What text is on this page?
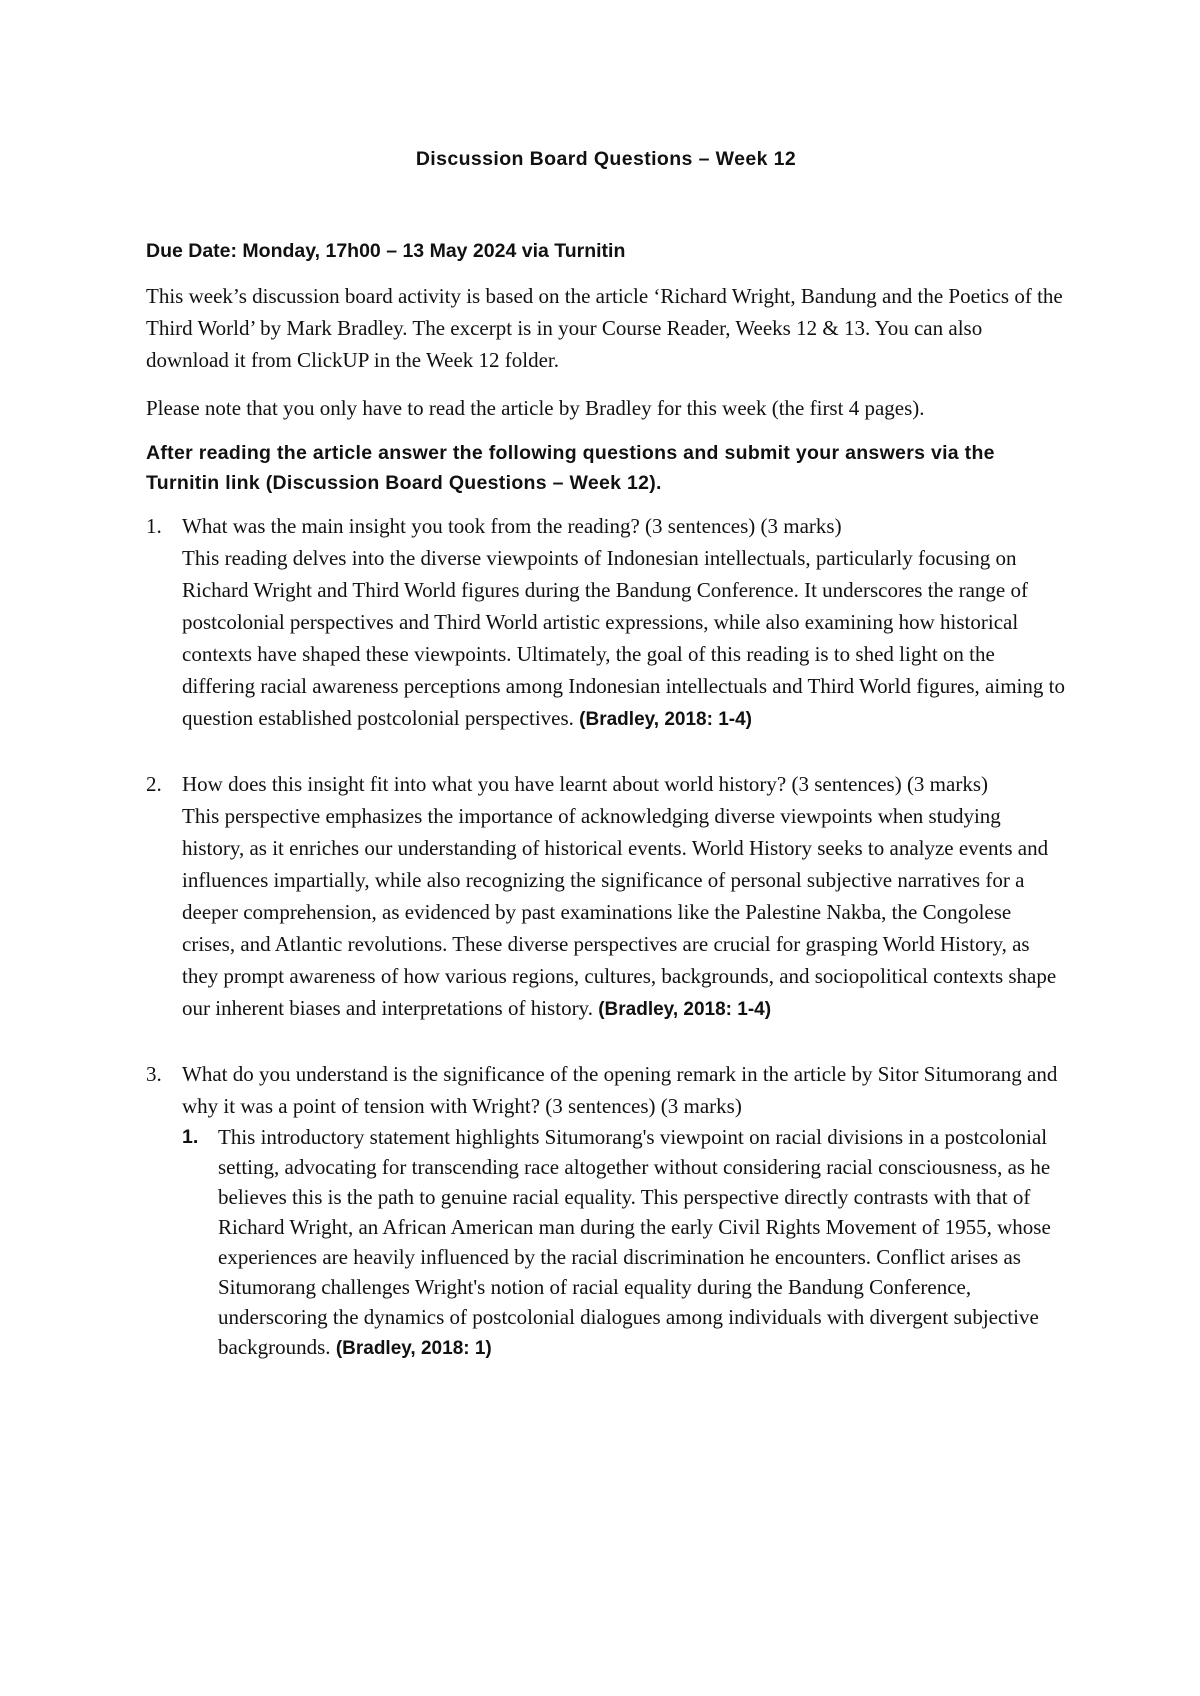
Discussion Board Questions – Week 12
Due Date: Monday, 17h00 – 13 May 2024 via Turnitin

This week’s discussion board activity is based on the article ‘Richard Wright, Bandung and the Poetics of the Third World’ by Mark Bradley. The excerpt is in your Course Reader, Weeks 12 & 13. You can also download it from ClickUP in the Week 12 folder.

Please note that you only have to read the article by Bradley for this week (the first 4 pages).

After reading the article answer the following questions and submit your answers via the Turnitin link (Discussion Board Questions – Week 12).

1. What was the main insight you took from the reading? (3 sentences) (3 marks)

This reading delves into the diverse viewpoints of Indonesian intellectuals, particularly focusing on Richard Wright and Third World figures during the Bandung Conference. It underscores the range of postcolonial perspectives and Third World artistic expressions, while also examining how historical contexts have shaped these viewpoints. Ultimately, the goal of this reading is to shed light on the differing racial awareness perceptions among Indonesian intellectuals and Third World figures, aiming to question established postcolonial perspectives. (Bradley, 2018: 1-4)

2. How does this insight fit into what you have learnt about world history? (3 sentences) (3 marks)

This perspective emphasizes the importance of acknowledging diverse viewpoints when studying history, as it enriches our understanding of historical events. World History seeks to analyze events and influences impartially, while also recognizing the significance of personal subjective narratives for a deeper comprehension, as evidenced by past examinations like the Palestine Nakba, the Congolese crises, and Atlantic revolutions. These diverse perspectives are crucial for grasping World History, as they prompt awareness of how various regions, cultures, backgrounds, and sociopolitical contexts shape our inherent biases and interpretations of history. (Bradley, 2018: 1-4)

3. What do you understand is the significance of the opening remark in the article by Sitor Situmorang and why it was a point of tension with Wright? (3 sentences) (3 marks)

1. This introductory statement highlights Situmorang's viewpoint on racial divisions in a postcolonial setting, advocating for transcending race altogether without considering racial consciousness, as he believes this is the path to genuine racial equality. This perspective directly contrasts with that of Richard Wright, an African American man during the early Civil Rights Movement of 1955, whose experiences are heavily influenced by the racial discrimination he encounters. Conflict arises as Situmorang challenges Wright's notion of racial equality during the Bandung Conference, underscoring the dynamics of postcolonial dialogues among individuals with divergent subjective backgrounds. (Bradley, 2018: 1)
